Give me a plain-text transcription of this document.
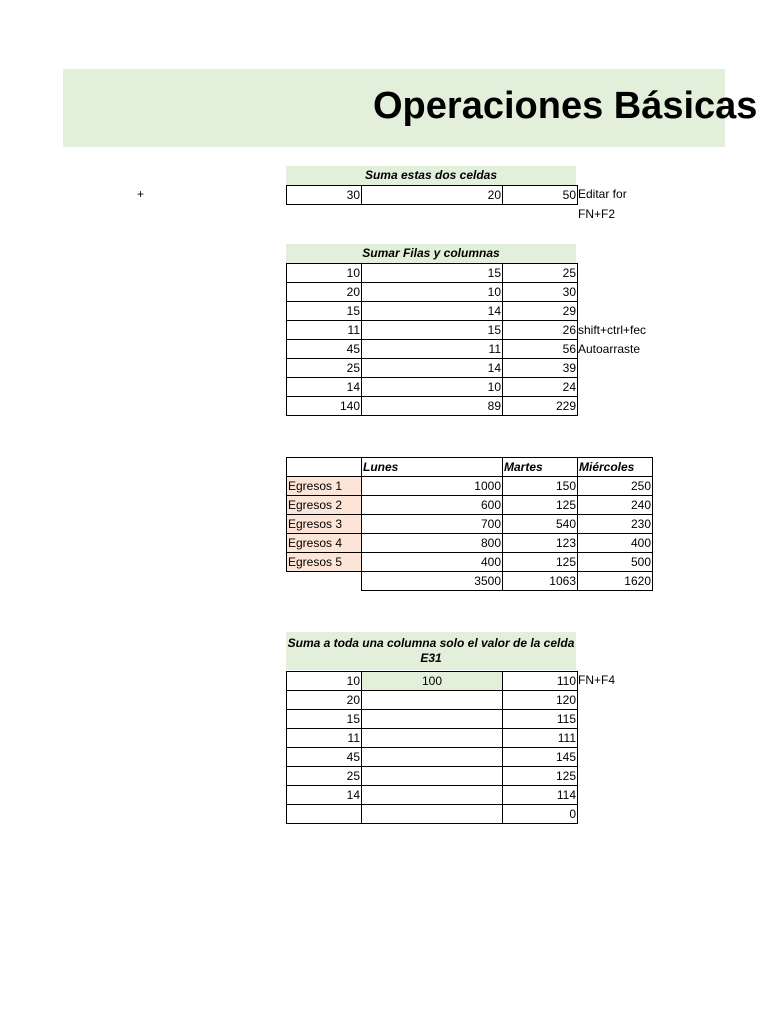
Operaciones Básicas
+
Suma estas dos celdas
30	20	50 Editar for
FN+F2
Sumar Filas y columnas
10	15	25
20	10	30
15	14	29
11	15	26
45	11	56
25	14	39
14	10	24
140	89	229
shift+ctrl+fec
Autoarraste
	Lunes	Martes	Miércoles
Egresos 1	1000	150	250
Egresos 2	600	125	240
Egresos 3	700	540	230
Egresos 4	800	123	400
Egresos 5	400	125	500
	3500	1063	1620
Suma a toda una columna solo el valor de la celda E31
10	100	110
20		120
15		115
11		111
45		145
25		125
14		114
		0
FN+F4
